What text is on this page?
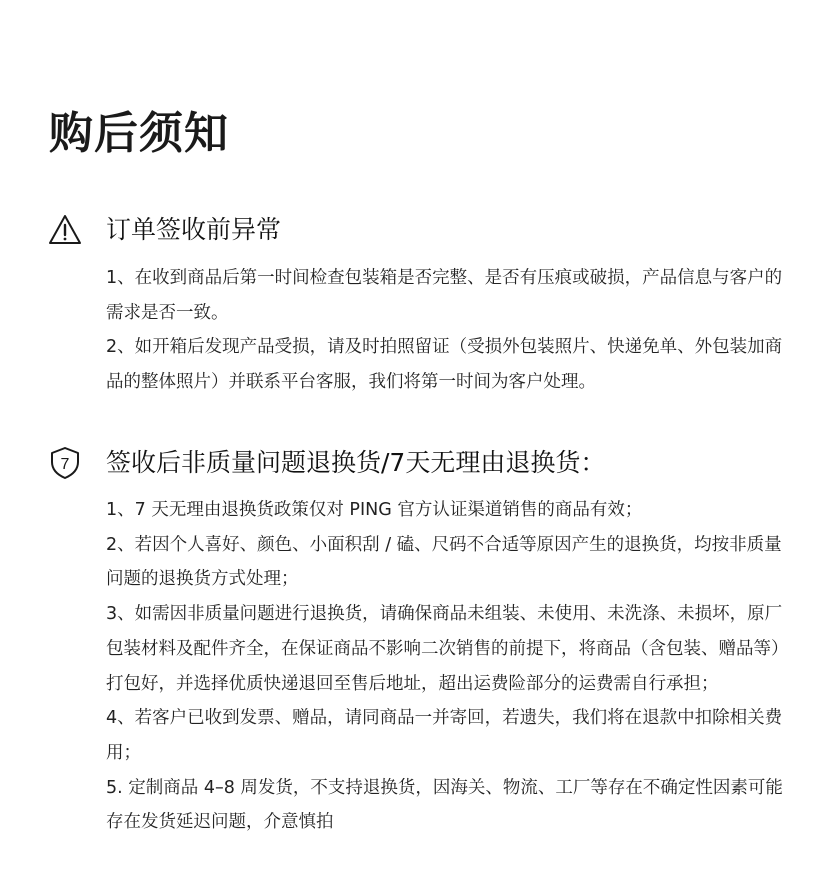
购后须知
订单签收前异常

1、在收到商品后第一时间检查包装箱是否完整、是否有压痕或破损，产品信息与客户的需求是否一致。

2、如开箱后发现产品受损，请及时拍照留证（受损外包装照片、快递免单、外包装加商品的整体照片）并联系平台客服，我们将第一时间为客户处理。

7 签收后非质量问题退换货/7天无理由退换货：

1、7 天无理由退换货政策仅对 PING 官方认证渠道销售的商品有效；

2、若因个人喜好、颜色、小面积刮 / 磕、尺码不合适等原因产生的退换货，均按非质量问题的退换货方式处理；

3、如需因非质量问题进行退换货，请确保商品未组装、未使用、未洗涤、未损坏，原厂包装材料及配件齐全，在保证商品不影响二次销售的前提下，将商品（含包装、赠品等）打包好，并选择优质快递退回至售后地址，超出运费险部分的运费需自行承担；

4、若客户已收到发票、赠品，请同商品一并寄回，若遗失，我们将在退款中扣除相关费用；

5. 定制商品 4–8 周发货，不支持退换货，因海关、物流、工厂等存在不确定性因素可能存在发货延迟问题，介意慎拍
